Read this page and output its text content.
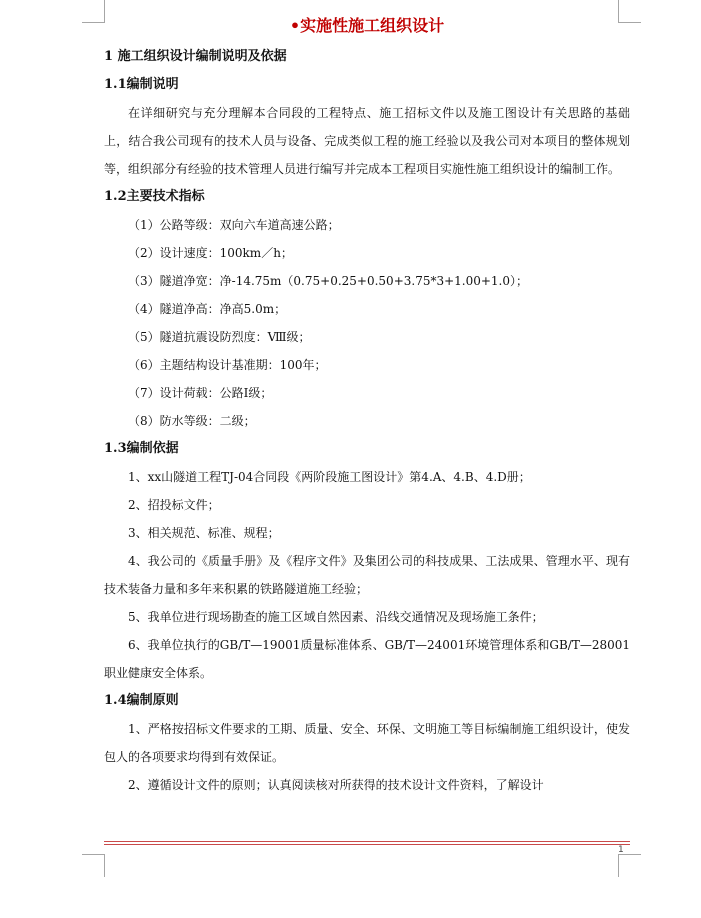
•实施性施工组织设计
1 施工组织设计编制说明及依据
1.1编制说明
在详细研究与充分理解本合同段的工程特点、施工招标文件以及施工图设计有关思路的基础上，结合我公司现有的技术人员与设备、完成类似工程的施工经验以及我公司对本项目的整体规划等，组织部分有经验的技术管理人员进行编写并完成本工程项目实施性施工组织设计的编制工作。
1.2主要技术指标
（1）公路等级：双向六车道高速公路；
（2）设计速度：100km／h；
（3）隧道净宽：净-14.75m（0.75+0.25+0.50+3.75*3+1.00+1.0）；
（4）隧道净高：净高5.0m；
（5）隧道抗震设防烈度：Ⅷ级；
（6）主题结构设计基准期：100年；
（7）设计荷载：公路Ⅰ级；
（8）防水等级：二级；
1.3编制依据
1、xx山隧道工程TJ-04合同段《两阶段施工图设计》第4.A、4.B、4.D册；
2、招投标文件；
3、相关规范、标准、规程；
4、我公司的《质量手册》及《程序文件》及集团公司的科技成果、工法成果、管理水平、现有技术装备力量和多年来积累的铁路隧道施工经验；
5、我单位进行现场勘查的施工区域自然因素、沿线交通情况及现场施工条件；
6、我单位执行的GB/T—19001质量标准体系、GB/T—24001环境管理体系和GB/T—28001职业健康安全体系。
1.4编制原则
1、严格按招标文件要求的工期、质量、安全、环保、文明施工等目标编制施工组织设计，使发包人的各项要求均得到有效保证。
2、遵循设计文件的原则；认真阅读核对所获得的技术设计文件资料，了解设计
1
